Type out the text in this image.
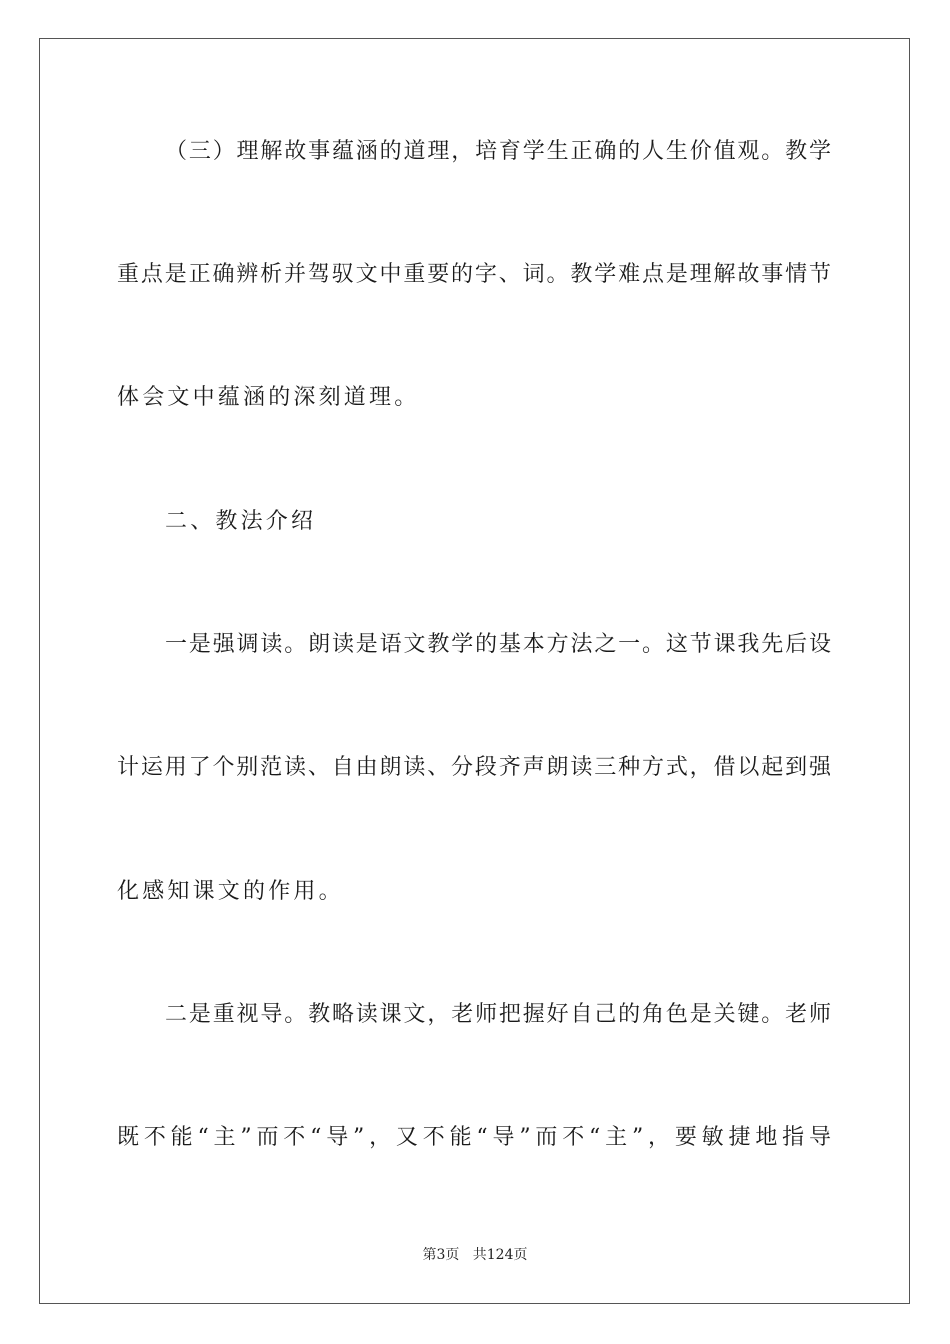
（三）理解故事蕴涵的道理，培育学生正确的人生价值观。教学
重点是正确辨析并驾驭文中重要的字、词。教学难点是理解故事情节
体会文中蕴涵的深刻道理。
二、教法介绍
一是强调读。朗读是语文教学的基本方法之一。这节课我先后设
计运用了个别范读、自由朗读、分段齐声朗读三种方式，借以起到强
化感知课文的作用。
二是重视导。教略读课文，老师把握好自己的角色是关键。老师
既不能“主”而不“导”，又不能“导”而不“主”，要敏捷地指导
第3页   共124页
